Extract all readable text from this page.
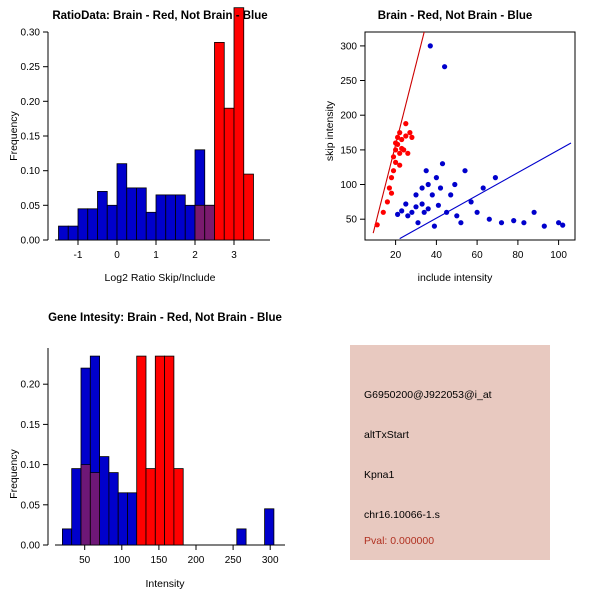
RatioData: Brain - Red, Not Brain - Blue
0.00
0.05
0.10
0.15
0.20
0.25
0.30
-1	0	1	2	3
Log2 Ratio Skip/Include
Frequency
Brain - Red, Not Brain - Blue
50
100
150
200
250
300
20	40	60	80	100
include intensity
skip intensity
Gene Intesity: Brain - Red, Not Brain - Blue
0.00
0.05
0.10
0.15
0.20
50 100 150 200 250 300
Intensity
Frequency
G6950200@J922053@i_at
altTxStart
Kpna1
chr16.10066-1.s
Pval: 0.000000
